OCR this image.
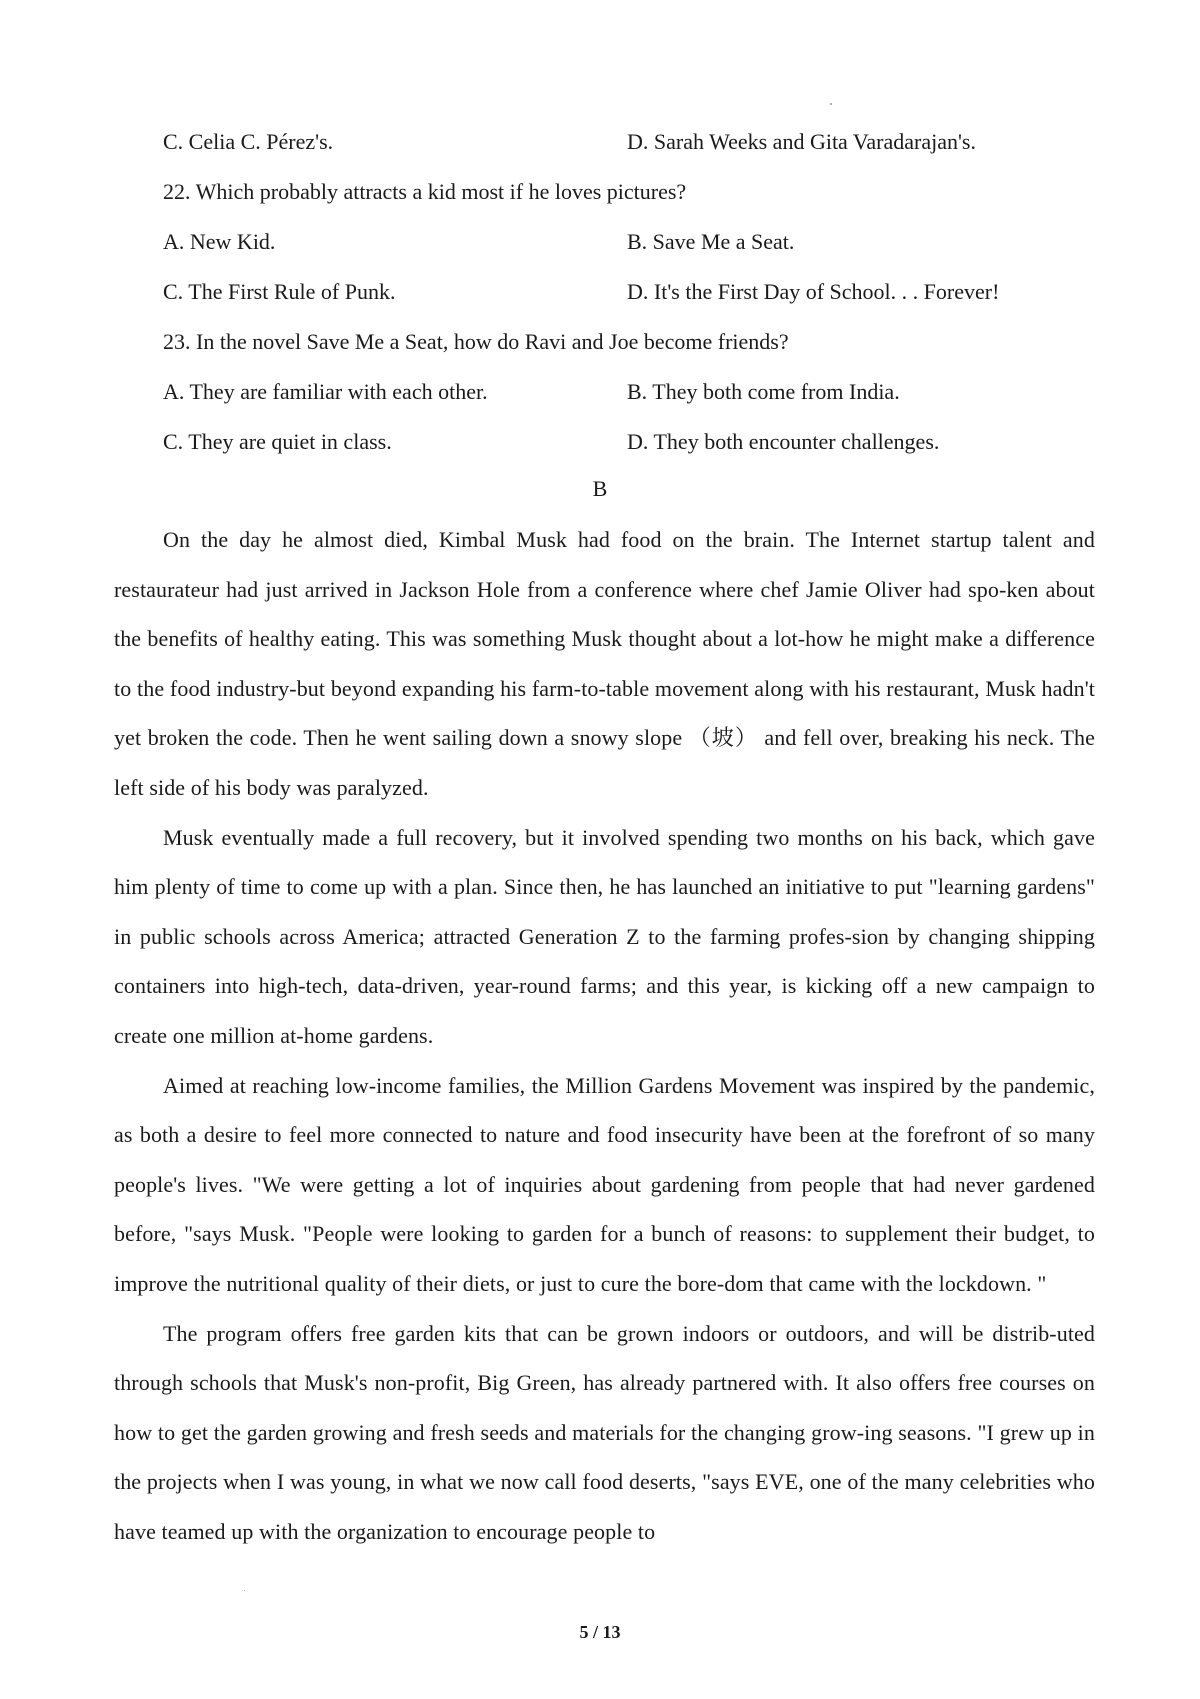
C. Celia C. Pérez's.	D. Sarah Weeks and Gita Varadarajan's.
22. Which probably attracts a kid most if he loves pictures?
A. New Kid.	B. Save Me a Seat.
C. The First Rule of Punk.	D. It's the First Day of School. . . Forever!
23. In the novel Save Me a Seat, how do Ravi and Joe become friends?
A. They are familiar with each other.	B. They both come from India.
C. They are quiet in class.	D. They both encounter challenges.
B

On the day he almost died, Kimbal Musk had food on the brain. The Internet startup talent and restaurateur had just arrived in Jackson Hole from a conference where chef Jamie Oliver had spo-ken about the benefits of healthy eating. This was something Musk thought about a lot-how he might make a difference to the food industry-but beyond expanding his farm-to-table movement along with his restaurant, Musk hadn't yet broken the code. Then he went sailing down a snowy slope （坡） and fell over, breaking his neck. The left side of his body was paralyzed.

Musk eventually made a full recovery, but it involved spending two months on his back, which gave him plenty of time to come up with a plan. Since then, he has launched an initiative to put "learning gardens" in public schools across America; attracted Generation Z to the farming profes-sion by changing shipping containers into high-tech, data-driven, year-round farms; and this year, is kicking off a new campaign to create one million at-home gardens.

Aimed at reaching low-income families, the Million Gardens Movement was inspired by the pandemic, as both a desire to feel more connected to nature and food insecurity have been at the forefront of so many people's lives. "We were getting a lot of inquiries about gardening from people that had never gardened before, "says Musk. "People were looking to garden for a bunch of reasons: to supplement their budget, to improve the nutritional quality of their diets, or just to cure the bore-dom that came with the lockdown. "

The program offers free garden kits that can be grown indoors or outdoors, and will be distrib-uted through schools that Musk's non-profit, Big Green, has already partnered with. It also offers free courses on how to get the garden growing and fresh seeds and materials for the changing grow-ing seasons. "I grew up in the projects when I was young, in what we now call food deserts, "says EVE, one of the many celebrities who have teamed up with the organization to encourage people to

5 / 13
